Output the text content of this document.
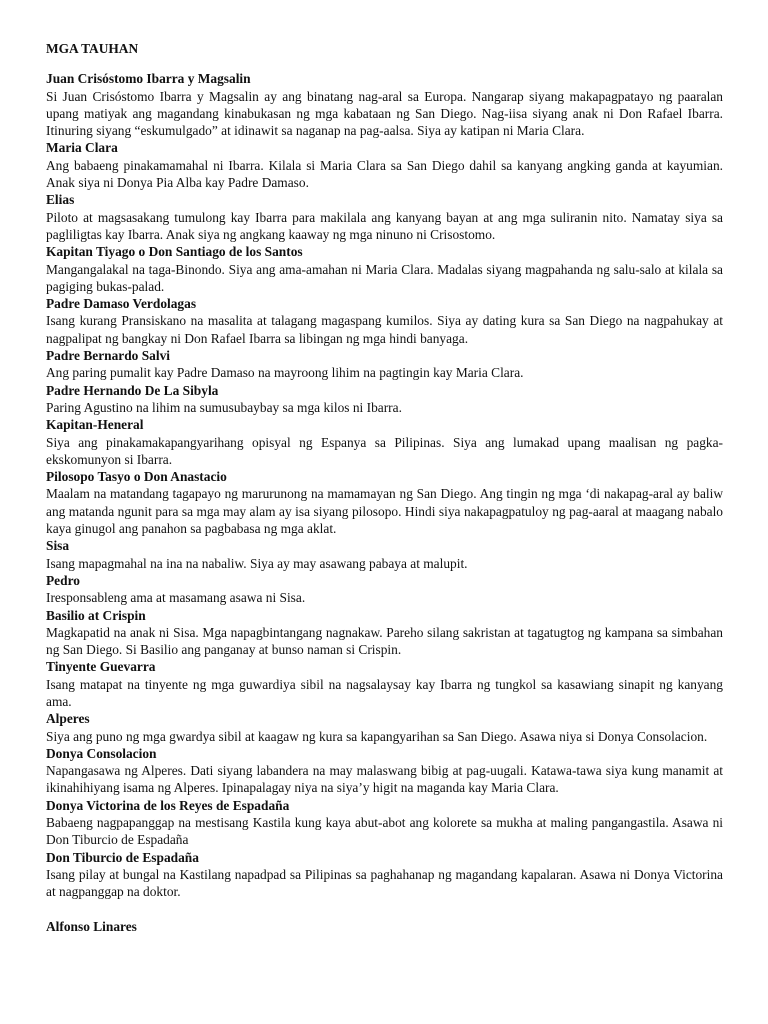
MGA TAUHAN

Juan Crisóstomo Ibarra y Magsalin

Si Juan Crisóstomo Ibarra y Magsalin ay ang binatang nag-aral sa Europa. Nangarap siyang makapagpatayo ng paaralan upang matiyak ang magandang kinabukasan ng mga kabataan ng San Diego. Nag-iisa siyang anak ni Don Rafael Ibarra. Itinuring siyang “eskumulgado” at idinawit sa naganap na pag-aalsa. Siya ay katipan ni Maria Clara.

Maria Clara

Ang babaeng pinakamamahal ni Ibarra. Kilala si Maria Clara sa San Diego dahil sa kanyang angking ganda at kayumian. Anak siya ni Donya Pia Alba kay Padre Damaso.

Elias

Piloto at magsasakang tumulong kay Ibarra para makilala ang kanyang bayan at ang mga suliranin nito. Namatay siya sa pagliligtas kay Ibarra. Anak siya ng angkang kaaway ng mga ninuno ni Crisostomo.

Kapitan Tiyago o Don Santiago de los Santos

Mangangalakal na taga-Binondo. Siya ang ama-amahan ni Maria Clara. Madalas siyang magpahanda ng salu-salo at kilala sa pagiging bukas-palad.

Padre Damaso Verdolagas

Isang kurang Pransiskano na masalita at talagang magaspang kumilos. Siya ay dating kura sa San Diego na nagpahukay at nagpalipat ng bangkay ni Don Rafael Ibarra sa libingan ng mga hindi banyaga.

Padre Bernardo Salvi

Ang paring pumalit kay Padre Damaso na mayroong lihim na pagtingin kay Maria Clara.

Padre Hernando De La Sibyla

Paring Agustino na lihim na sumusubaybay sa mga kilos ni Ibarra.

Kapitan-Heneral

Siya ang pinakamakapangyarihang opisyal ng Espanya sa Pilipinas. Siya ang lumakad upang maalisan ng pagka-ekskomunyon si Ibarra.

Pilosopo Tasyo o Don Anastacio

Maalam na matandang tagapayo ng marurunong na mamamayan ng San Diego. Ang tingin ng mga ‘di nakapag-aral ay baliw ang matanda ngunit para sa mga may alam ay isa siyang pilosopo. Hindi siya nakapagpatuloy ng pag-aaral at maagang nabalo kaya ginugol ang panahon sa pagbabasa ng mga aklat.

Sisa

Isang mapagmahal na ina na nabaliw. Siya ay may asawang pabaya at malupit.

Pedro

Iresponsableng ama at masamang asawa ni Sisa.

Basilio at Crispin

Magkapatid na anak ni Sisa. Mga napagbintangang nagnakaw. Pareho silang sakristan at tagatugtog ng kampana sa simbahan ng San Diego. Si Basilio ang panganay at bunso naman si Crispin.

Tinyente Guevarra

Isang matapat na tinyente ng mga guwardiya sibil na nagsalaysay kay Ibarra ng tungkol sa kasawiang sinapit ng kanyang ama.

Alperes

Siya ang puno ng mga gwardya sibil at kaagaw ng kura sa kapangyarihan sa San Diego. Asawa niya si Donya Consolacion.

Donya Consolacion

Napangasawa ng Alperes. Dati siyang labandera na may malaswang bibig at pag-uugali. Katawa-tawa siya kung manamit at ikinahihiyang isama ng Alperes. Ipinapalagay niya na siya’y higit na maganda kay Maria Clara.

Donya Victorina de los Reyes de Espadaña

Babaeng nagpapanggap na mestisang Kastila kung kaya abut-abot ang kolorete sa mukha at maling pangangastila. Asawa ni Don Tiburcio de Espadaña

Don Tiburcio de Espadaña

Isang pilay at bungal na Kastilang napadpad sa Pilipinas sa paghahanap ng magandang kapalaran. Asawa ni Donya Victorina at nagpanggap na doktor.

Alfonso Linares
